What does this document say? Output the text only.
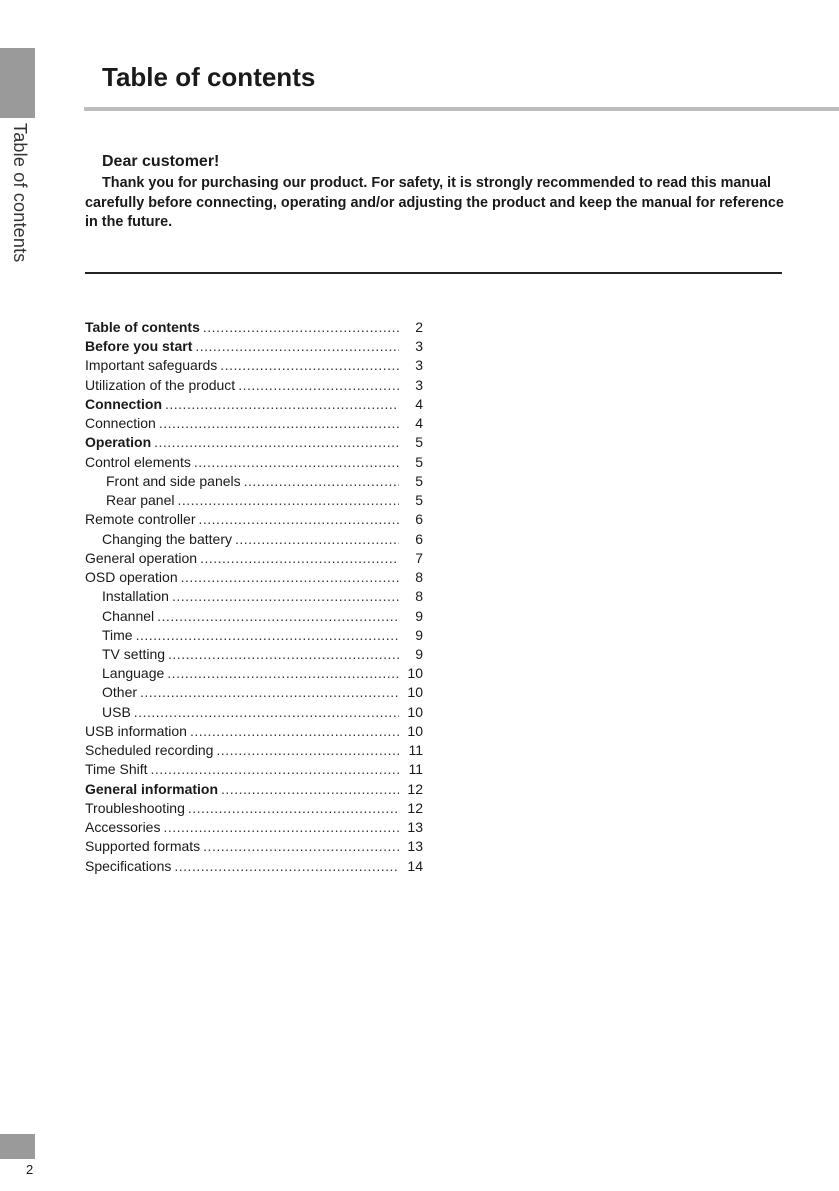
Table of contents
Table of contents

Dear customer!

Thank you for purchasing our product. For safety, it is strongly recommended to read this manual carefully before connecting, operating and/or adjusting the product and keep the manual for reference in the future.

Table of contents .....	2
Before you start .....	3
Important safeguards .....	3
Utilization of the product .....	3
Connection .....	4
Connection .....	4
Operation .....	5
Control elements .....	5
Front and side panels .....	5
Rear panel .....	5
Remote controller .....	6
Changing the battery .....	6
General operation .....	7
OSD operation .....	8
Installation .....	8
Channel .....	9
Time .....	9
TV setting .....	9
Language .....	10
Other .....	10
USB .....	10
USB information .....	10
Scheduled recording .....	11
Time Shift .....	11
General information .....	12
Troubleshooting .....	12
Accessories .....	13
Supported formats .....	13
Specifications .....	14
2
